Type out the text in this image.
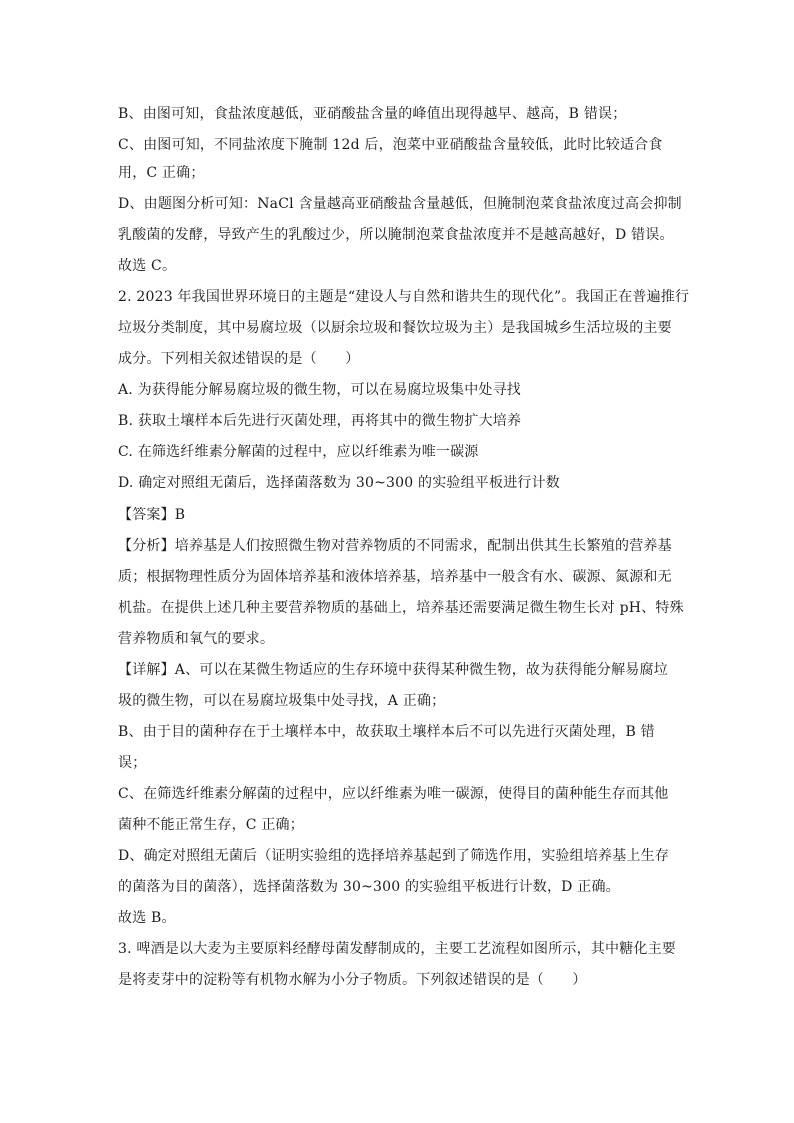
B、由图可知，食盐浓度越低，亚硝酸盐含量的峰值出现得越早、越高，B 错误；
C、由图可知，不同盐浓度下腌制 12d 后，泡菜中亚硝酸盐含量较低，此时比较适合食
用，C 正确；
D、由题图分析可知：NaCl 含量越高亚硝酸盐含量越低，但腌制泡菜食盐浓度过高会抑制
乳酸菌的发酵，导致产生的乳酸过少，所以腌制泡菜食盐浓度并不是越高越好，D 错误。
故选 C。
2. 2023 年我国世界环境日的主题是“建设人与自然和谐共生的现代化”。我国正在普遍推行
垃圾分类制度，其中易腐垃圾（以厨余垃圾和餐饮垃圾为主）是我国城乡生活垃圾的主要
成分。下列相关叙述错误的是（　　）
A. 为获得能分解易腐垃圾的微生物，可以在易腐垃圾集中处寻找
B. 获取土壤样本后先进行灭菌处理，再将其中的微生物扩大培养
C. 在筛选纤维素分解菌的过程中，应以纤维素为唯一碳源
D. 确定对照组无菌后，选择菌落数为 30~300 的实验组平板进行计数
【答案】B
【分析】培养基是人们按照微生物对营养物质的不同需求，配制出供其生长繁殖的营养基
质；根据物理性质分为固体培养基和液体培养基，培养基中一般含有水、碳源、氮源和无
机盐。在提供上述几种主要营养物质的基础上，培养基还需要满足微生物生长对 pH、特殊
营养物质和氧气的要求。
【详解】A、可以在某微生物适应的生存环境中获得某种微生物，故为获得能分解易腐垃
圾的微生物，可以在易腐垃圾集中处寻找，A 正确；
B、由于目的菌种存在于土壤样本中，故获取土壤样本后不可以先进行灭菌处理，B 错
误；
C、在筛选纤维素分解菌的过程中，应以纤维素为唯一碳源，使得目的菌种能生存而其他
菌种不能正常生存，C 正确；
D、确定对照组无菌后（证明实验组的选择培养基起到了筛选作用，实验组培养基上生存
的菌落为目的菌落），选择菌落数为 30~300 的实验组平板进行计数，D 正确。
故选 B。
3. 啤酒是以大麦为主要原料经酵母菌发酵制成的，主要工艺流程如图所示，其中糖化主要
是将麦芽中的淀粉等有机物水解为小分子物质。下列叙述错误的是（　　）
